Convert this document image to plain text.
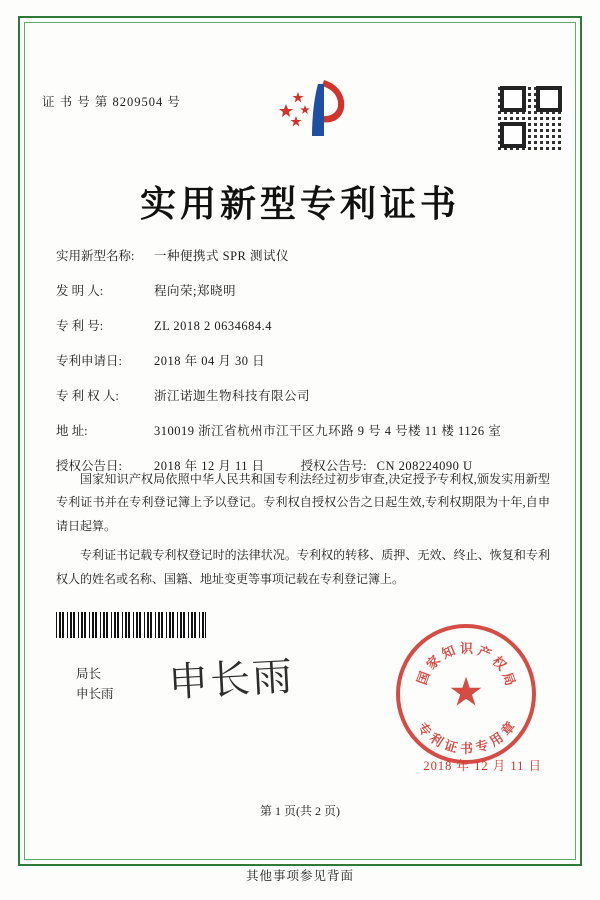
证 书 号 第 8209504 号
实用新型专利证书
实用新型名称:	一种便携式 SPR 测试仪
发 明 人:	程向荣;郑晓明
专 利 号:	ZL 2018 2 0634684.4
专利申请日:	2018 年 04 月 30 日
专 利 权 人:	浙江诺迦生物科技有限公司
地 址:	310019 浙江省杭州市江干区九环路 9 号 4 号楼 11 楼 1126 室
授权公告日:	2018 年 12 月 11 日	授权公告号: CN 208224090 U

国家知识产权局依照中华人民共和国专利法经过初步审查,决定授予专利权,颁发实用新型专利证书并在专利登记簿上予以登记。专利权自授权公告之日起生效,专利权期限为十年,自申请日起算。

专利证书记载专利权登记时的法律状况。专利权的转移、质押、无效、终止、恢复和专利权人的姓名或名称、国籍、地址变更等事项记载在专利登记簿上。

局长
申长雨 申长雨	★
国
家
知 识 产
权
局
专
利
证 书 专
用
章
2018 年 12 月 11 日
第 1 页(共 2 页)
其他事项参见背面
